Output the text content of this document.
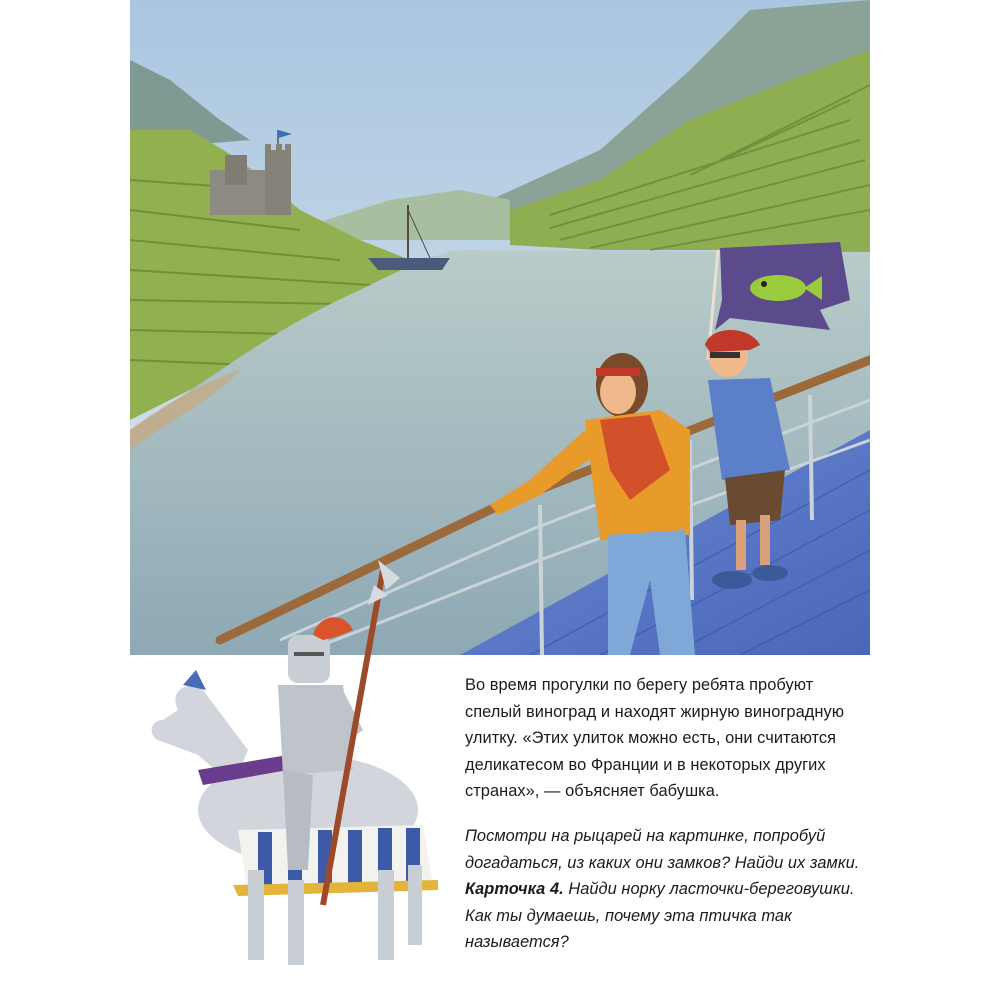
Во время прогулки по берегу ребята пробуют
спелый виноград и находят жирную виноградную
улитку. «Этих улиток можно есть, они считаются
деликатесом во Франции и в некоторых других
странах», — объясняет бабушка.

Посмотри на рыцарей на картинке, попробуй
догадаться, из каких они замков? Найди их замки.
Карточка 4. Найди норку ласточки-береговушки.
Как ты думаешь, почему эта птичка так
называется?
